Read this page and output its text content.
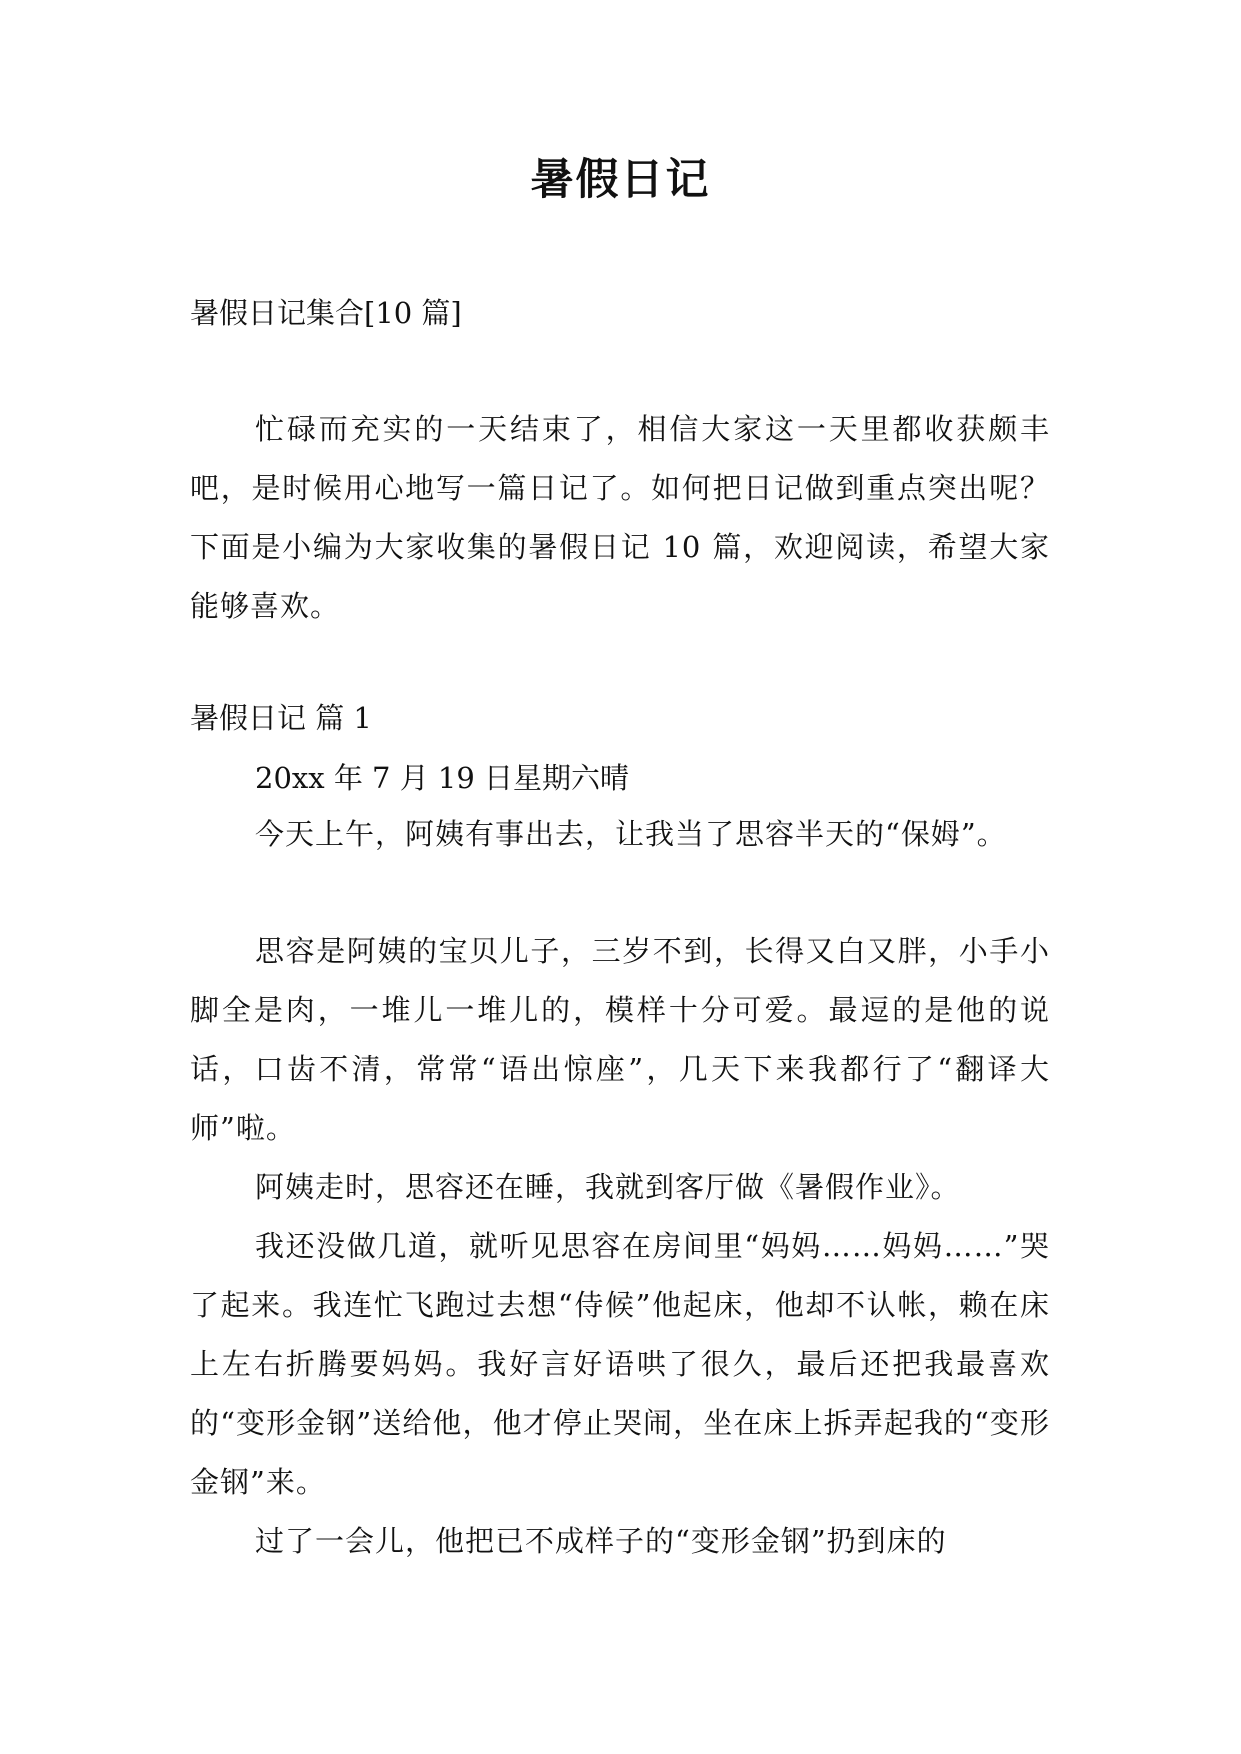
暑假日记
暑假日记集合[10 篇]

忙碌而充实的一天结束了，相信大家这一天里都收获颇丰吧，是时候用心地写一篇日记了。如何把日记做到重点突出呢？下面是小编为大家收集的暑假日记 10 篇，欢迎阅读，希望大家能够喜欢。

暑假日记 篇 1
20xx 年 7 月 19 日星期六晴

今天上午，阿姨有事出去，让我当了思容半天的“保姆”。

思容是阿姨的宝贝儿子，三岁不到，长得又白又胖，小手小脚全是肉，一堆儿一堆儿的，模样十分可爱。最逗的是他的说话，口齿不清，常常“语出惊座”，几天下来我都行了“翻译大师”啦。

阿姨走时，思容还在睡，我就到客厅做《暑假作业》。

我还没做几道，就听见思容在房间里“妈妈……妈妈……”哭了起来。我连忙飞跑过去想“侍候”他起床，他却不认帐，赖在床上左右折腾要妈妈。我好言好语哄了很久，最后还把我最喜欢的“变形金钢”送给他，他才停止哭闹，坐在床上拆弄起我的“变形金钢”来。

过了一会儿，他把已不成样子的“变形金钢”扔到床的
